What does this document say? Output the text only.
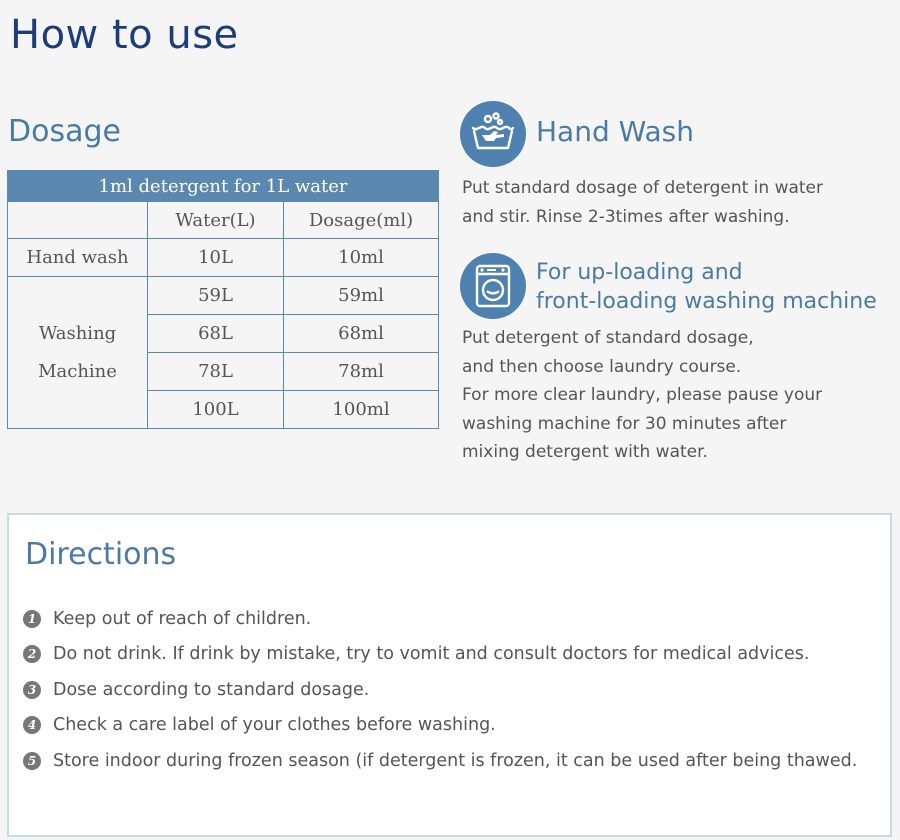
How to use
Dosage
1ml detergent for 1L water		
	Water(L)	Dosage(ml)
Hand wash	10L	10ml

Washing
Machine	59L	59ml
	68L	68ml
	78L	78ml
	100L	100ml
Hand Wash
Put standard dosage of detergent in water
and stir. Rinse 2-3times after washing.
For up-loading and
front-loading washing machine
Put detergent of standard dosage,
and then choose laundry course.
For more clear laundry, please pause your
washing machine for 30 minutes after
mixing detergent with water.
Directions
1 Keep out of reach of children.
2 Do not drink. If drink by mistake, try to vomit and consult doctors for medical advices.
3 Dose according to standard dosage.
4 Check a care label of your clothes before washing.
5 Store indoor during frozen season (if detergent is frozen, it can be used after being thawed.
